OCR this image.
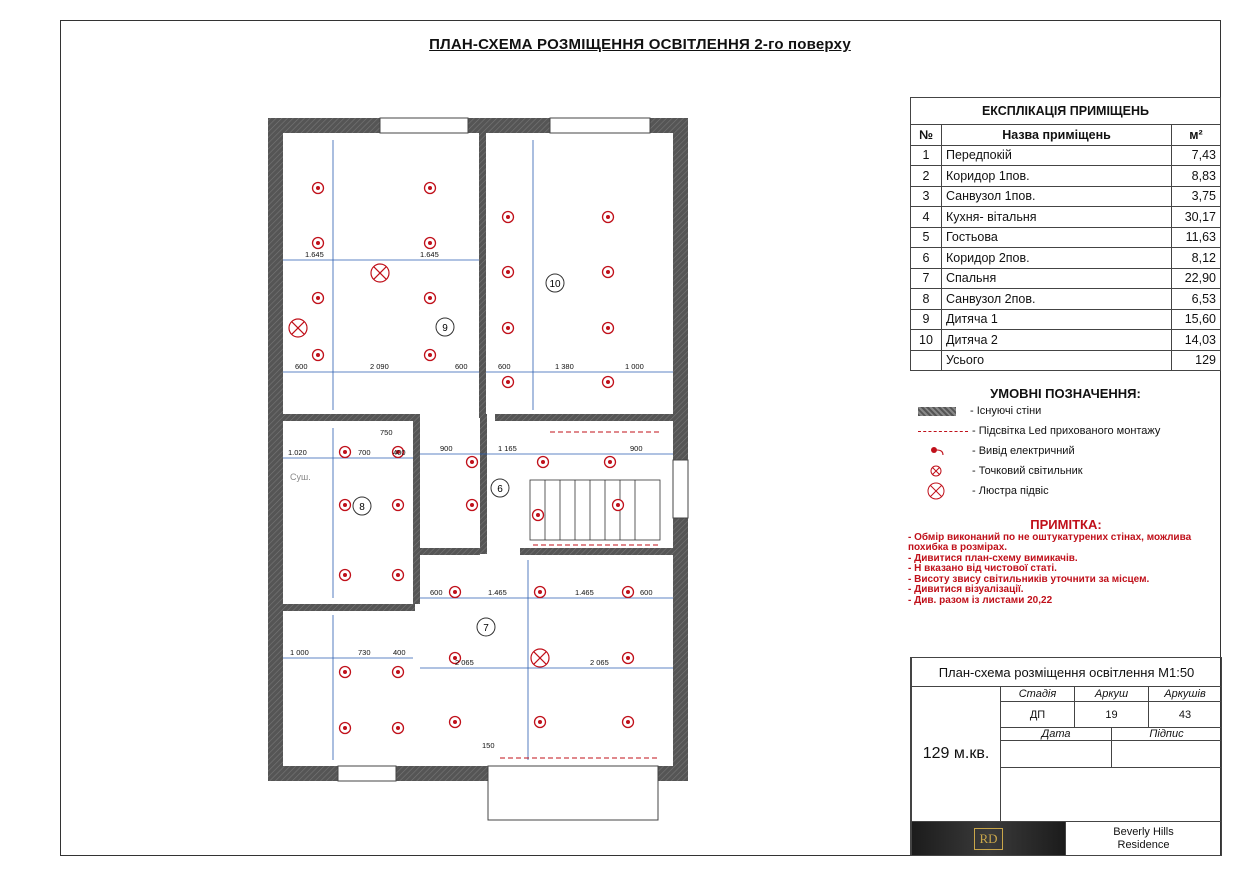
ПЛАН-СХЕМА РОЗМІЩЕННЯ ОСВІТЛЕННЯ 2-го поверху
9
10
6
8
7
1.645	1.645
600	2 090	600	600	1 380	1 000
750
1.020	700	400	900	1 165	900
600	1.465	1.465	600
2 065	2 065
1 000	730	400
150
Суш.
ЕКСПЛІКАЦІЯ ПРИМІЩЕНЬ		
№	Назва приміщень	м²
1	Передпокій	7,43
2	Коридор 1пов.	8,83
3	Санвузол 1пов.	3,75
4	Кухня- вітальня	30,17
5	Гостьова	11,63
6	Коридор 2пов.	8,12
7	Спальня	22,90
8	Санвузол 2пов.	6,53
9	Дитяча 1	15,60
10	Дитяча 2	14,03
	Усього	129
УМОВНІ ПОЗНАЧЕННЯ:
- Існуючі стіни
- Підсвітка Led прихованого монтажу
- Вивід електричний
- Точковий світильник
- Люстра підвіс
ПРИМІТКА:
- Обмір виконаний по не оштукатурених стінах, можлива похибка в розмірах.
- Дивитися план-схему вимикачів.
- Н вказано від чистової статі.
- Висоту звису світильників уточнити за місцем.
- Дивитися візуалізації.
- Див. разом із листами 20,22
План-схема розміщення освітлення М1:50
Стадія	Аркуш	Аркушів
ДП	19	43
129 м.кв.
Дата	Підпис
RD	Beverly Hills Residence
